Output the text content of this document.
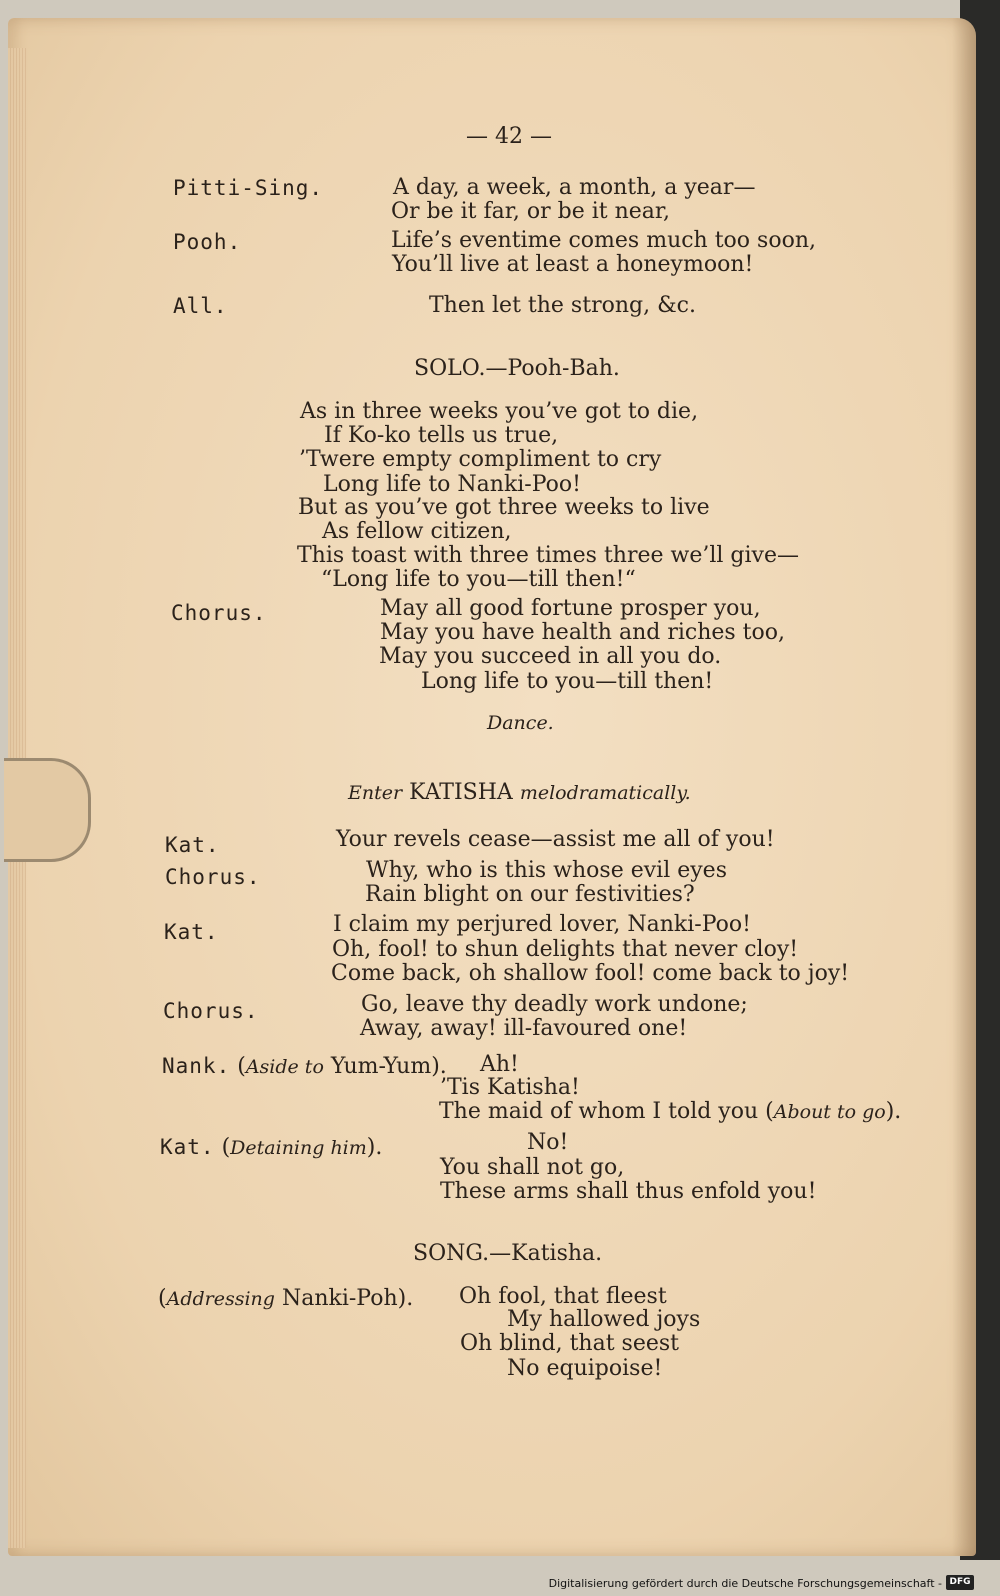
— 42 —
Pitti-Sing.	A day, a week, a month, a year—
Or be it far, or be it near,
Pooh.	Life’s eventime comes much too soon,
You’ll live at least a honeymoon!
All.	Then let the strong, &c.
SOLO.—Pooh-Bah.
As in three weeks you’ve got to die,
If Ko-ko tells us true,
’Twere empty compliment to cry
Long life to Nanki-Poo!
But as you’ve got three weeks to live
As fellow citizen,
This toast with three times three we’ll give—
“Long life to you—till then!“
Chorus.	May all good fortune prosper you,
May you have health and riches too,
May you succeed in all you do.
Long life to you—till then!
Dance.
Enter KATISHA melodramatically.
Kat.	Your revels cease—assist me all of you!
Chorus.	Why, who is this whose evil eyes
Rain blight on our festivities?
Kat.	I claim my perjured lover, Nanki-Poo!
Oh, fool! to shun delights that never cloy!
Come back, oh shallow fool! come back to joy!
Chorus.	Go, leave thy deadly work undone;
Away, away! ill-favoured one!
Nank. (Aside to Yum-Yum). Ah!
’Tis Katisha!
The maid of whom I told you (About to go).
Kat. (Detaining him).	No!
You shall not go,
These arms shall thus enfold you!
SONG.—Katisha.
(Addressing Nanki-Poh). Oh fool, that fleest
My hallowed joys
Oh blind, that seest
No equipoise!
Digitalisierung gefördert durch die Deutsche Forschungsgemeinschaft - DFG
